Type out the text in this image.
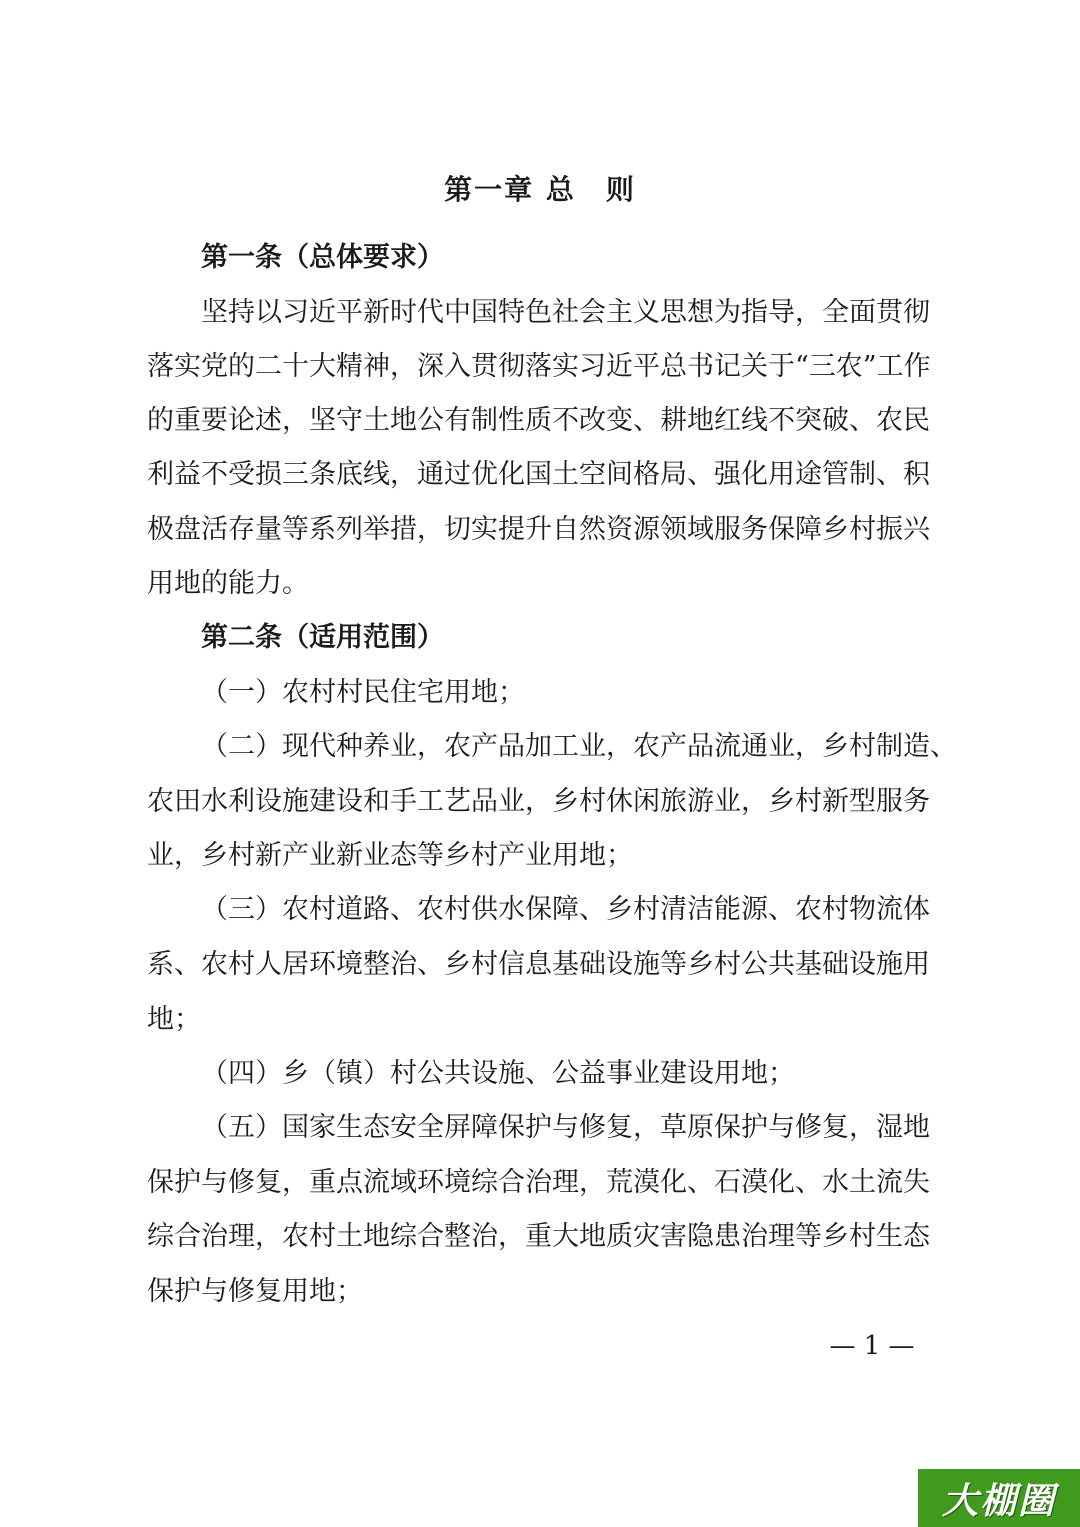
第一章 总　则
第一条（总体要求）
坚持以习近平新时代中国特色社会主义思想为指导，全面贯彻
落实党的二十大精神，深入贯彻落实习近平总书记关于“三农”工作
的重要论述，坚守土地公有制性质不改变、耕地红线不突破、农民
利益不受损三条底线，通过优化国土空间格局、强化用途管制、积
极盘活存量等系列举措，切实提升自然资源领域服务保障乡村振兴
用地的能力。
第二条（适用范围）
（一）农村村民住宅用地；
（二）现代种养业，农产品加工业，农产品流通业，乡村制造、
农田水利设施建设和手工艺品业，乡村休闲旅游业，乡村新型服务
业，乡村新产业新业态等乡村产业用地；
（三）农村道路、农村供水保障、乡村清洁能源、农村物流体
系、农村人居环境整治、乡村信息基础设施等乡村公共基础设施用
地；
（四）乡（镇）村公共设施、公益事业建设用地；
（五）国家生态安全屏障保护与修复，草原保护与修复，湿地
保护与修复，重点流域环境综合治理，荒漠化、石漠化、水土流失
综合治理，农村土地综合整治，重大地质灾害隐患治理等乡村生态
保护与修复用地；
— 1 —
大棚圈
